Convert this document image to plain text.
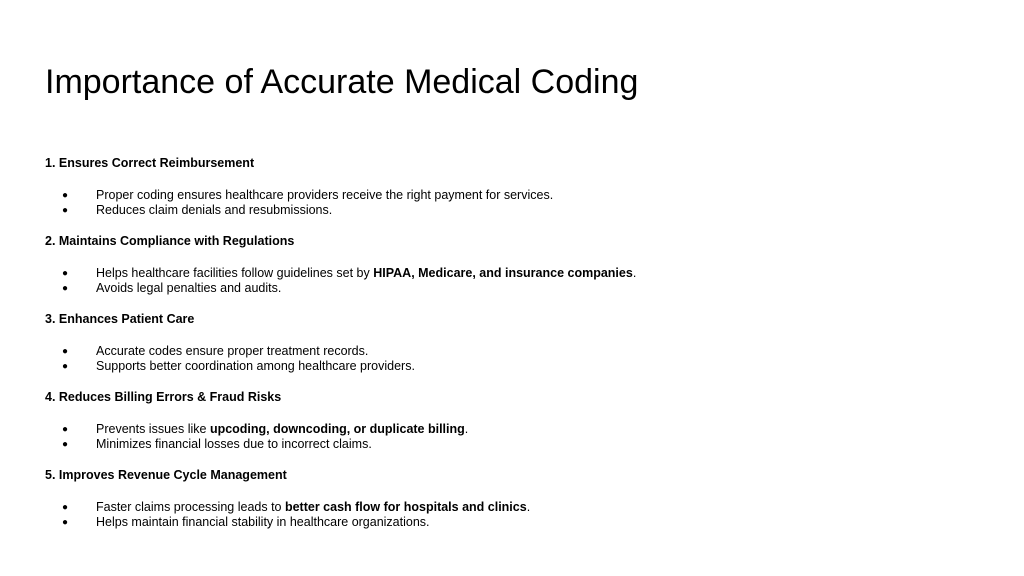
Importance of Accurate Medical Coding
1. Ensures Correct Reimbursement
● Proper coding ensures healthcare providers receive the right payment for services.
● Reduces claim denials and resubmissions.
2. Maintains Compliance with Regulations
● Helps healthcare facilities follow guidelines set by HIPAA, Medicare, and insurance companies.
● Avoids legal penalties and audits.
3. Enhances Patient Care
● Accurate codes ensure proper treatment records.
● Supports better coordination among healthcare providers.
4. Reduces Billing Errors & Fraud Risks
● Prevents issues like upcoding, downcoding, or duplicate billing.
● Minimizes financial losses due to incorrect claims.
5. Improves Revenue Cycle Management
● Faster claims processing leads to better cash flow for hospitals and clinics.
● Helps maintain financial stability in healthcare organizations.
